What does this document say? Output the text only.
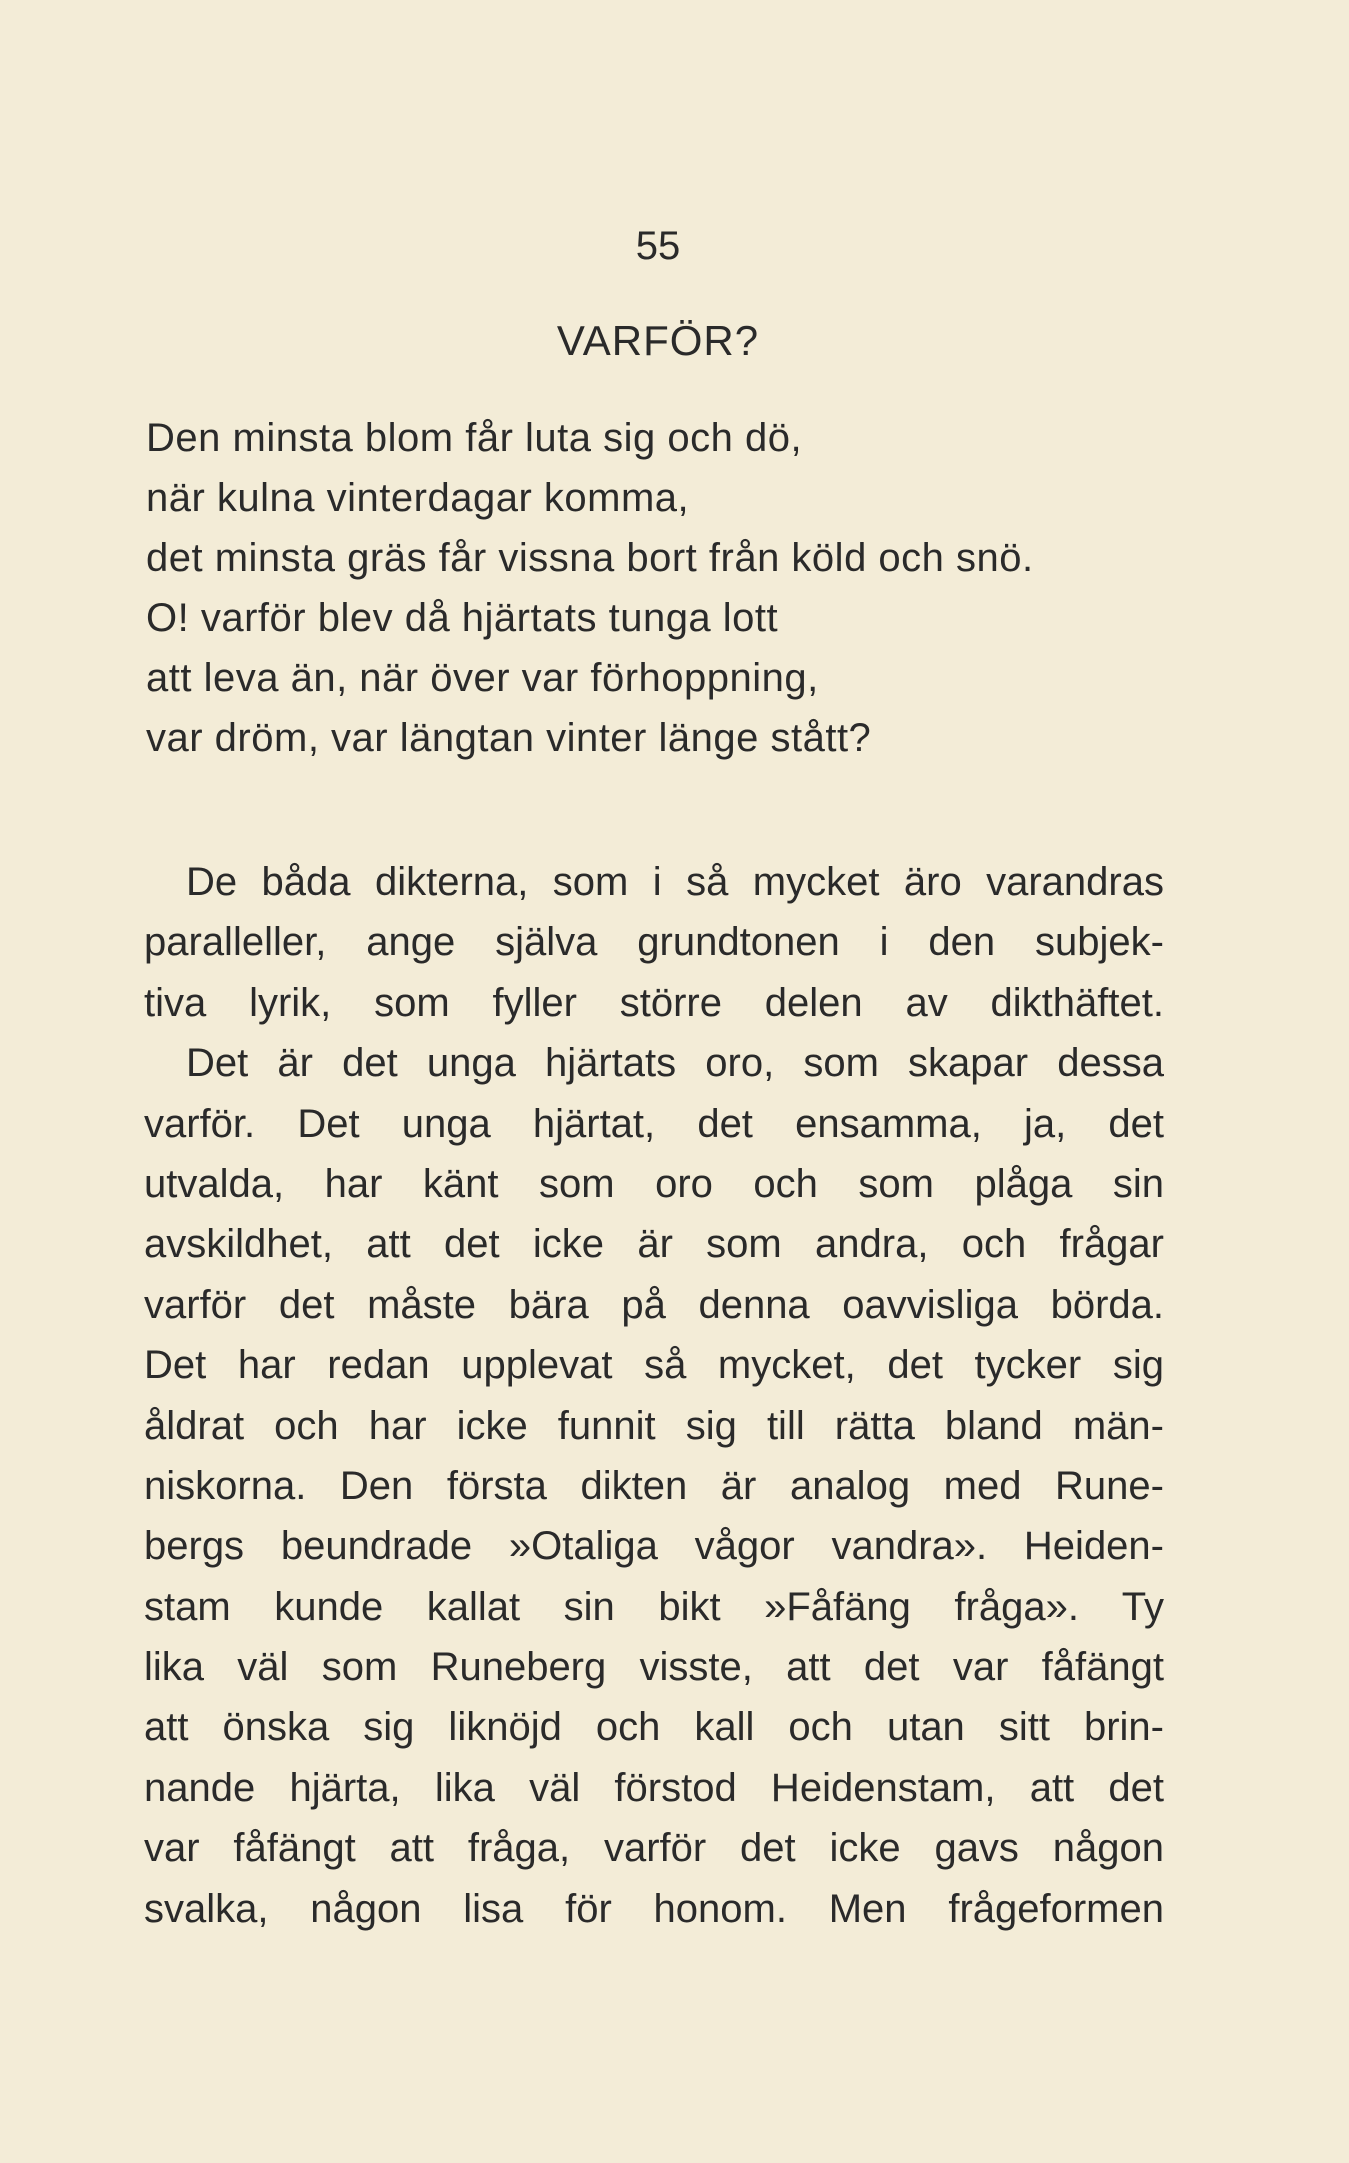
55
VARFÖR?
Den minsta blom får luta sig och dö,
när kulna vinterdagar komma,
det minsta gräs får vissna bort från köld och snö.
O! varför blev då hjärtats tunga lott
att leva än, när över var förhoppning,
var dröm, var längtan vinter länge stått?
De båda dikterna, som i så mycket äro varandras
paralleller, ange själva grundtonen i den subjek-
tiva lyrik, som fyller större delen av dikthäftet.
Det är det unga hjärtats oro, som skapar dessa
varför. Det unga hjärtat, det ensamma, ja, det
utvalda, har känt som oro och som plåga sin
avskildhet, att det icke är som andra, och frågar
varför det måste bära på denna oavvisliga börda.
Det har redan upplevat så mycket, det tycker sig
åldrat och har icke funnit sig till rätta bland män-
niskorna. Den första dikten är analog med Rune-
bergs beundrade »Otaliga vågor vandra». Heiden-
stam kunde kallat sin bikt »Fåfäng fråga». Ty
lika väl som Runeberg visste, att det var fåfängt
att önska sig liknöjd och kall och utan sitt brin-
nande hjärta, lika väl förstod Heidenstam, att det
var fåfängt att fråga, varför det icke gavs någon
svalka, någon lisa för honom. Men frågeformen
